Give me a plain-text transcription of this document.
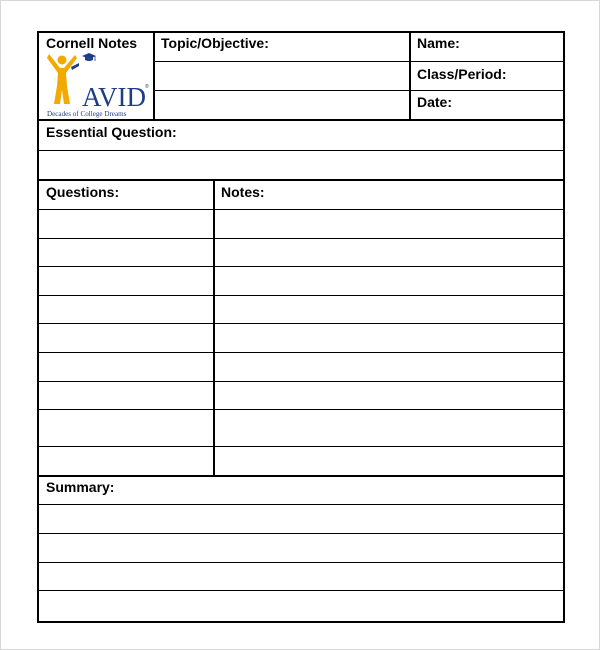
Cornell Notes Topic/Objective:	Name:
Class/Period:
Date:
AVID
®
Decades of College Dreams
Essential Question:
Questions:	Notes:
Summary:
